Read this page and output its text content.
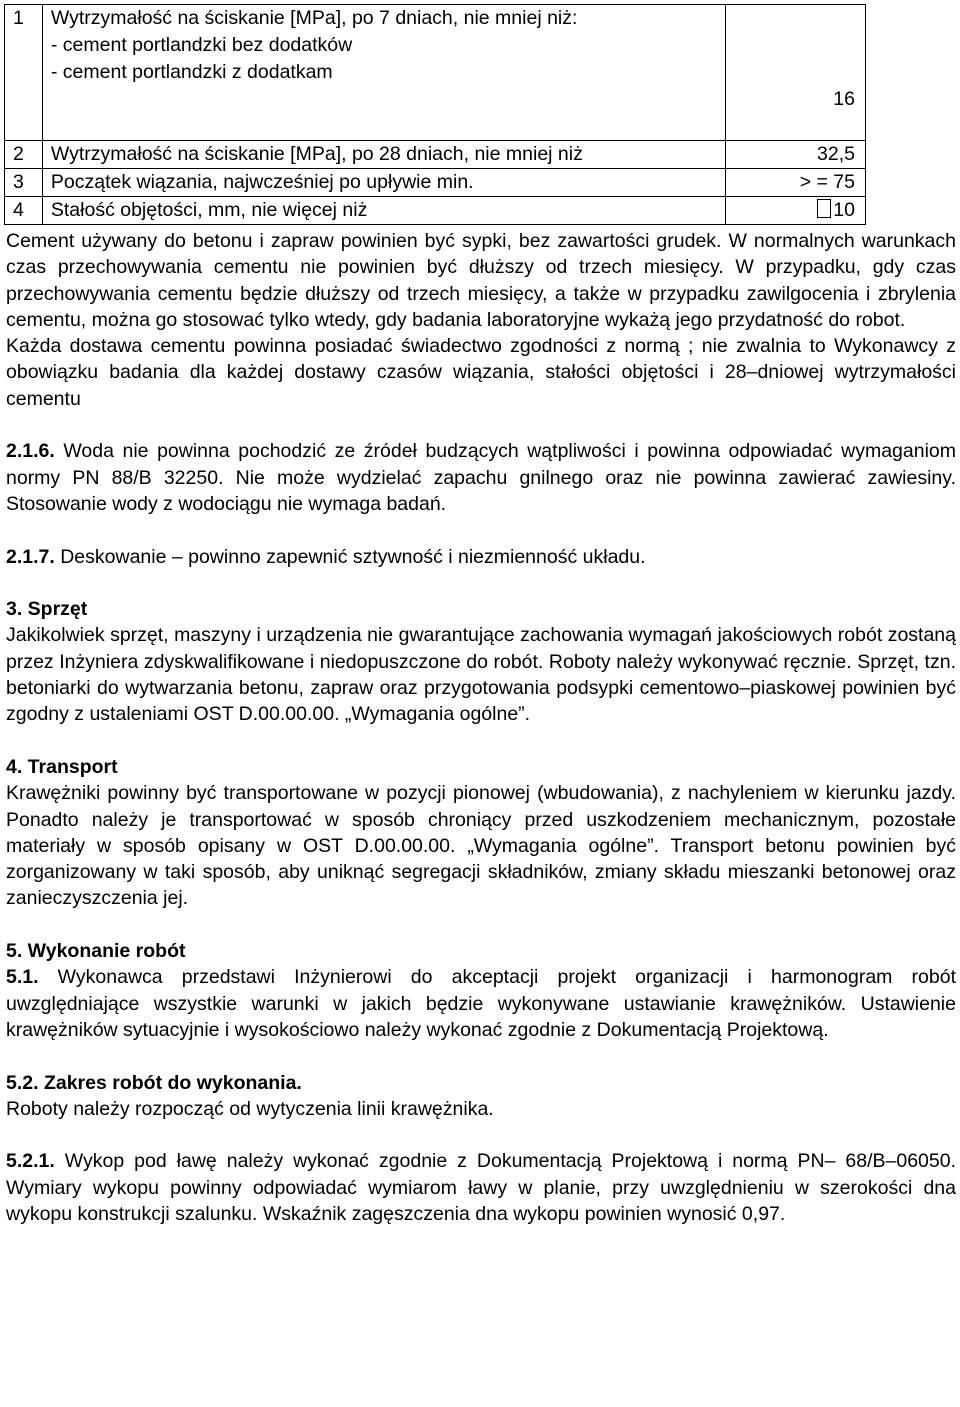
1	Wytrzymałość na ściskanie [MPa], po 7 dniach, nie mniej niż:
- cement portlandzki bez dodatków
- cement portlandzki z dodatkam	16
2	Wytrzymałość na ściskanie [MPa], po 28 dniach, nie mniej niż	32,5
3	Początek wiązania, najwcześniej po upływie min.	> = 75
4	Stałość objętości, mm, nie więcej niż	10

Cement używany do betonu i zapraw powinien być sypki, bez zawartości grudek. W normalnych warunkach czas przechowywania cementu nie powinien być dłuższy od trzech miesięcy. W przypadku, gdy czas przechowywania cementu będzie dłuższy od trzech miesięcy, a także w przypadku zawilgocenia i zbrylenia cementu, można go stosować tylko wtedy, gdy badania laboratoryjne wykażą jego przydatność do robot.

Każda dostawa cementu powinna posiadać świadectwo zgodności z normą ; nie zwalnia to Wykonawcy z obowiązku badania dla każdej dostawy czasów wiązania, stałości objętości i 28–dniowej wytrzymałości cementu

2.1.6. Woda nie powinna pochodzić ze źródeł budzących wątpliwości i powinna odpowiadać wymaganiom normy PN 88/B 32250. Nie może wydzielać zapachu gnilnego oraz nie powinna zawierać zawiesiny. Stosowanie wody z wodociągu nie wymaga badań.

2.1.7. Deskowanie – powinno zapewnić sztywność i niezmienność układu.

3. Sprzęt

Jakikolwiek sprzęt, maszyny i urządzenia nie gwarantujące zachowania wymagań jakościowych robót zostaną przez Inżyniera zdyskwalifikowane i niedopuszczone do robót. Roboty należy wykonywać ręcznie. Sprzęt, tzn. betoniarki do wytwarzania betonu, zapraw oraz przygotowania podsypki cementowo–piaskowej powinien być zgodny z ustaleniami OST D.00.00.00. „Wymagania ogólne”.

4. Transport

Krawężniki powinny być transportowane w pozycji pionowej (wbudowania), z nachyleniem w kierunku jazdy. Ponadto należy je transportować w sposób chroniący przed uszkodzeniem mechanicznym, pozostałe materiały w sposób opisany w OST D.00.00.00. „Wymagania ogólne”. Transport betonu powinien być zorganizowany w taki sposób, aby uniknąć segregacji składników, zmiany składu mieszanki betonowej oraz zanieczyszczenia jej.

5. Wykonanie robót

5.1. Wykonawca przedstawi Inżynierowi do akceptacji projekt organizacji i harmonogram robót uwzględniające wszystkie warunki w jakich będzie wykonywane ustawianie krawężników. Ustawienie krawężników sytuacyjnie i wysokościowo należy wykonać zgodnie z Dokumentacją Projektową.

5.2. Zakres robót do wykonania.

Roboty należy rozpocząć od wytyczenia linii krawężnika.

5.2.1. Wykop pod ławę należy wykonać zgodnie z Dokumentacją Projektową i normą PN– 68/B–06050. Wymiary wykopu powinny odpowiadać wymiarom ławy w planie, przy uwzględnieniu w szerokości dna wykopu konstrukcji szalunku. Wskaźnik zagęszczenia dna wykopu powinien wynosić 0,97.
